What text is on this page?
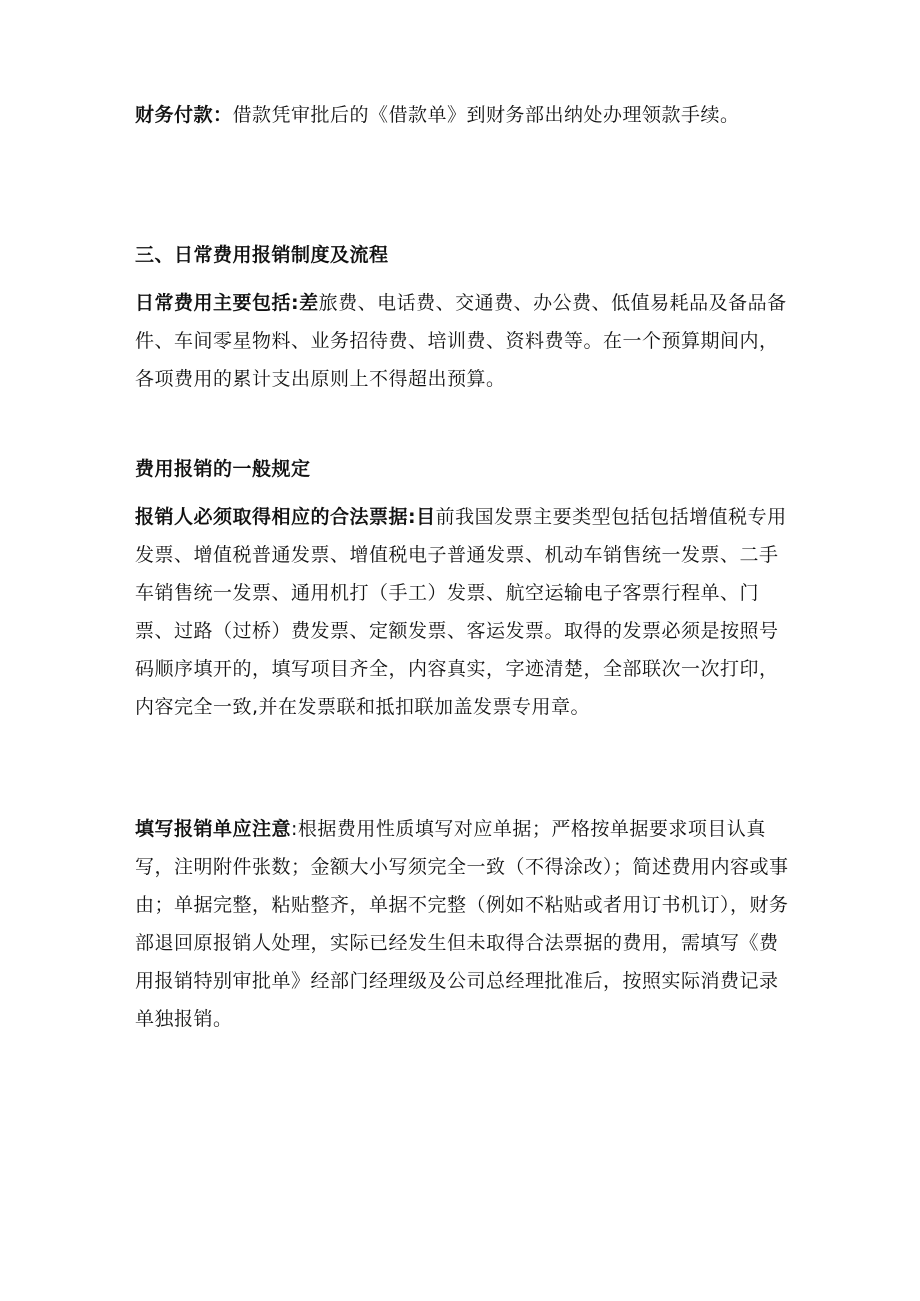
财务付款：借款凭审批后的《借款单》到财务部出纳处办理领款手续。

三、日常费用报销制度及流程

日常费用主要包括:差旅费、电话费、交通费、办公费、低值易耗品及备品备件、车间零星物料、业务招待费、培训费、资料费等。在一个预算期间内，各项费用的累计支出原则上不得超出预算。

费用报销的一般规定

报销人必须取得相应的合法票据:目前我国发票主要类型包括包括增值税专用发票、增值税普通发票、增值税电子普通发票、机动车销售统一发票、二手车销售统一发票、通用机打（手工）发票、航空运输电子客票行程单、门票、过路（过桥）费发票、定额发票、客运发票。取得的发票必须是按照号码顺序填开的，填写项目齐全，内容真实，字迹清楚，全部联次一次打印，内容完全一致,并在发票联和抵扣联加盖发票专用章。

填写报销单应注意:根据费用性质填写对应单据；严格按单据要求项目认真写，注明附件张数；金额大小写须完全一致（不得涂改）；简述费用内容或事由；单据完整，粘贴整齐，单据不完整（例如不粘贴或者用订书机订），财务部退回原报销人处理，实际已经发生但未取得合法票据的费用，需填写《费用报销特别审批单》经部门经理级及公司总经理批准后，按照实际消费记录单独报销。
